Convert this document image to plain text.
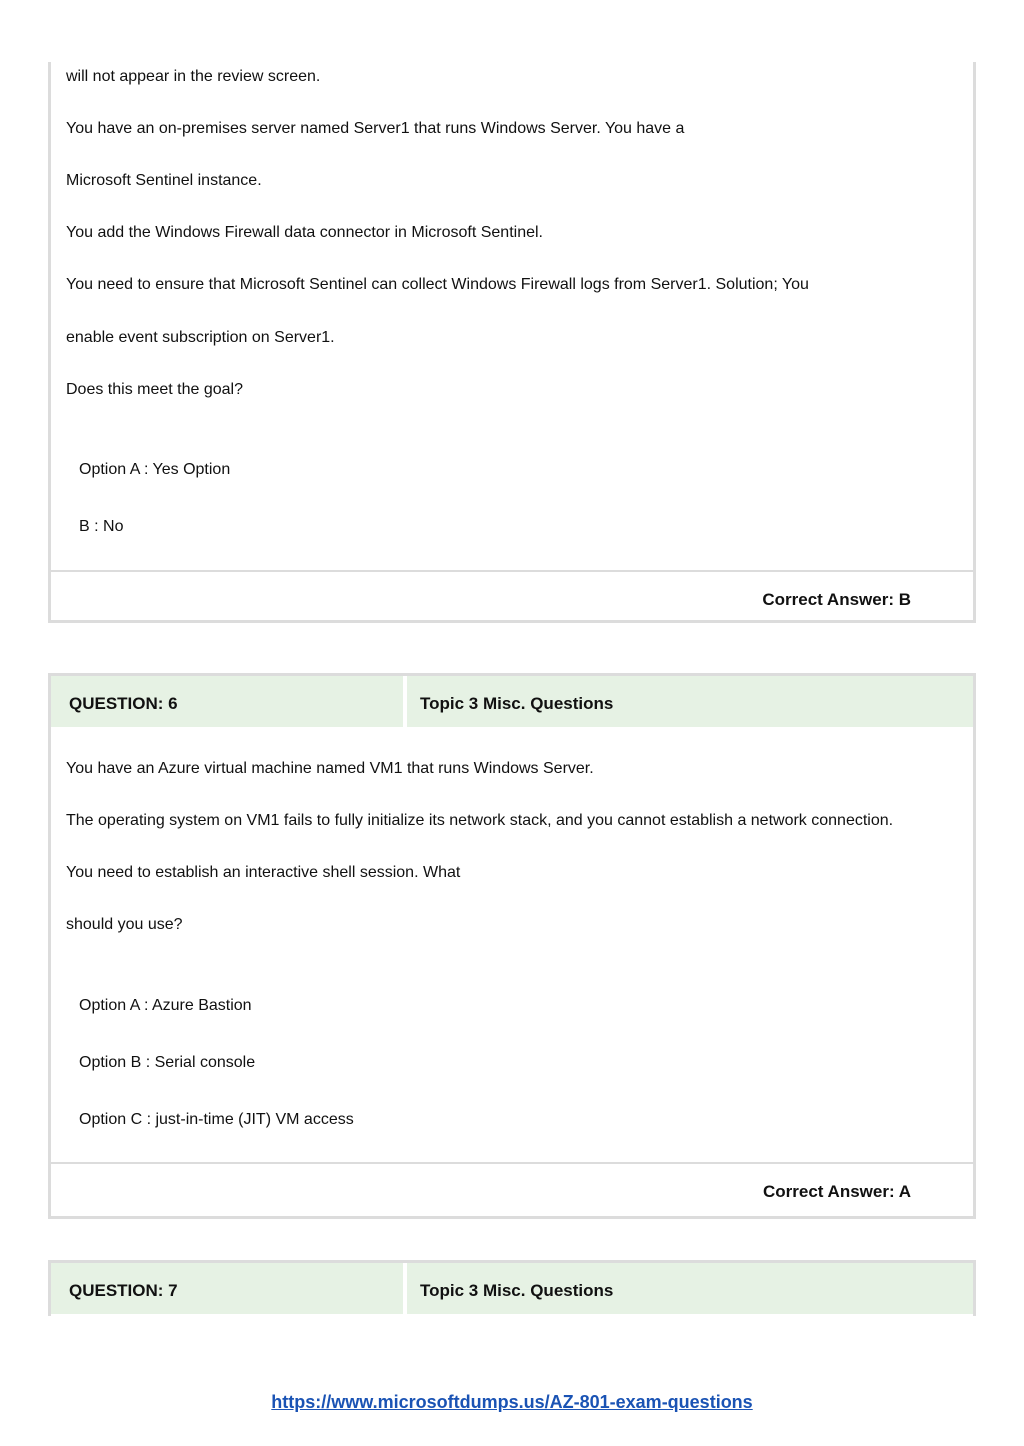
will not appear in the review screen.
You have an on-premises server named Server1 that runs Windows Server. You have a
Microsoft Sentinel instance.
You add the Windows Firewall data connector in Microsoft Sentinel.
You need to ensure that Microsoft Sentinel can collect Windows Firewall logs from Server1. Solution; You
enable event subscription on Server1.
Does this meet the goal?
Option A : Yes Option
B : No
Correct Answer: B
QUESTION: 6	Topic 3 Misc. Questions
You have an Azure virtual machine named VM1 that runs Windows Server.
The operating system on VM1 fails to fully initialize its network stack, and you cannot establish a network connection.
You need to establish an interactive shell session. What
should you use?
Option A : Azure Bastion
Option B : Serial console
Option C : just-in-time (JIT) VM access
Correct Answer: A
QUESTION: 7	Topic 3 Misc. Questions
https://www.microsoftdumps.us/AZ-801-exam-questions
